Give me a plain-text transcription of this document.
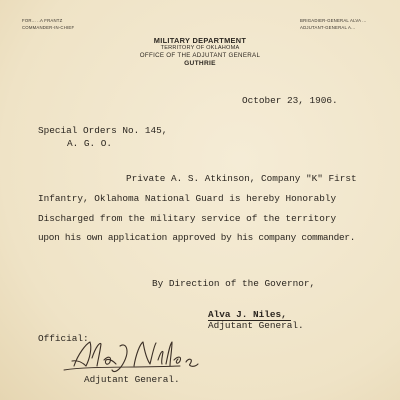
FOR... ..A FRANTZ
COMMANDER-IN-CHIEF
BRIGADIER-GENERAL ALVA ...
ADJUTANT-GENERAL A...
MILITARY DEPARTMENT
TERRITORY OF OKLAHOMA
OFFICE OF THE ADJUTANT GENERAL
GUTHRIE
October 23, 1906.
Special Orders No. 145,
A. G. O.
Private A. S. Atkinson, Company "K" First
Infantry, Oklahoma National Guard is hereby Honorably
Discharged from the military service of the territory
upon his own application approved by his company commander.
By Direction of the Governor,
Alva J. Niles,
Adjutant General.
Official:
Adjutant General.
